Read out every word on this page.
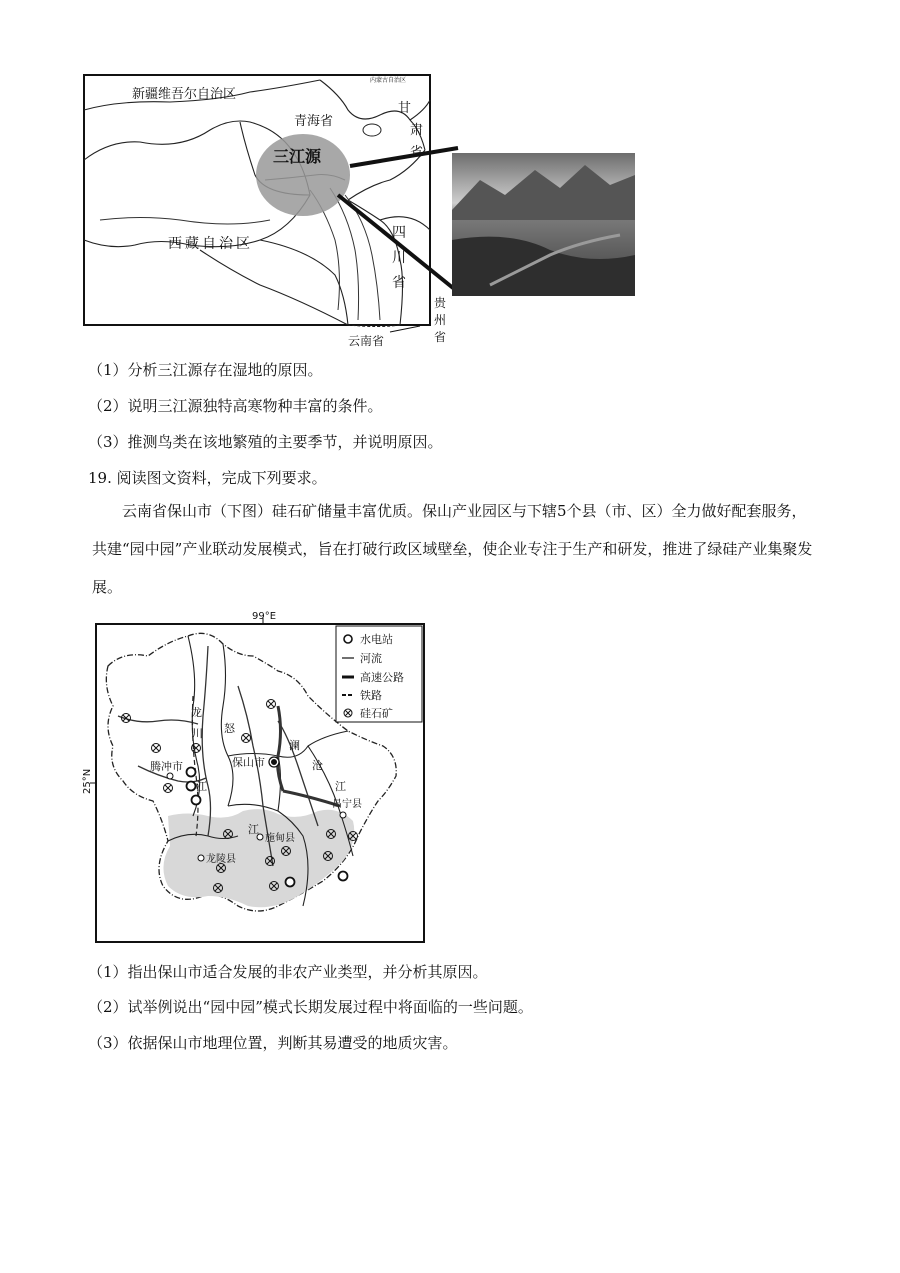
新疆维吾尔自治区
青海省
三江源
西藏自治区
四
川
省
甘
肃
省
内蒙古自治区
贵
州
省
云南省
（1）分析三江源存在湿地的原因。
（2）说明三江源独特高寒物种丰富的条件。
（3）推测鸟类在该地繁殖的主要季节，并说明原因。
19. 阅读图文资料，完成下列要求。
云南省保山市（下图）硅石矿储量丰富优质。保山产业园区与下辖5个县（市、区）全力做好配套服务，共建“园中园”产业联动发展模式，旨在打破行政区域壁垒，使企业专注于生产和研发，推进了绿硅产业集聚发展。
99°E
25°N
水电站
河流
高速公路
铁路
硅石矿
保山市
腾冲市
昌宁县
施甸县
龙陵县
龙
川
江
怒
江
澜
沧
江
（1）指出保山市适合发展的非农产业类型，并分析其原因。
（2）试举例说出“园中园”模式长期发展过程中将面临的一些问题。
（3）依据保山市地理位置，判断其易遭受的地质灾害。
